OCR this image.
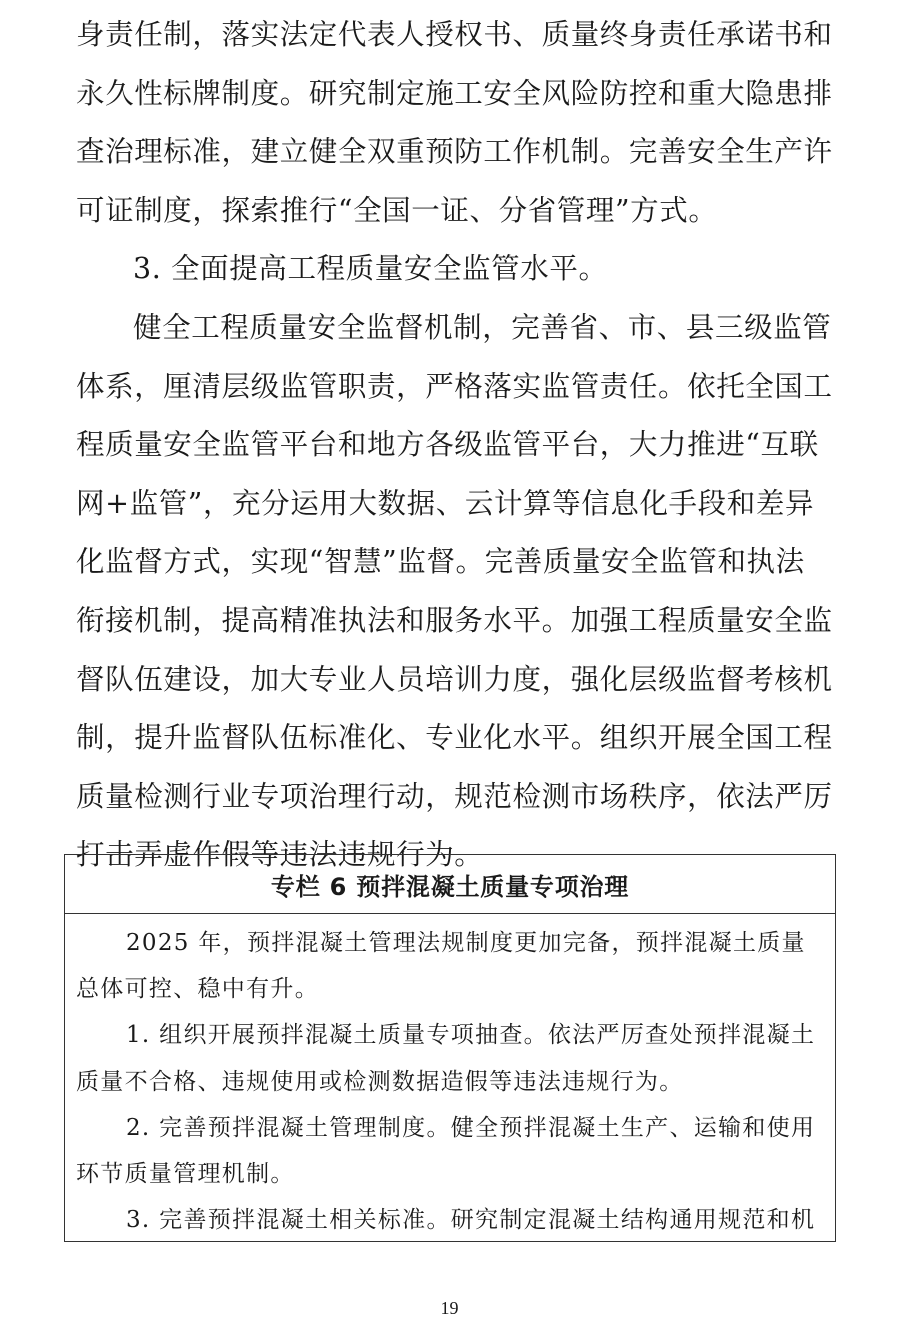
身责任制，落实法定代表人授权书、质量终身责任承诺书和
永久性标牌制度。研究制定施工安全风险防控和重大隐患排
查治理标准，建立健全双重预防工作机制。完善安全生产许
可证制度，探索推行“全国一证、分省管理”方式。
3. 全面提高工程质量安全监管水平。
健全工程质量安全监督机制，完善省、市、县三级监管
体系，厘清层级监管职责，严格落实监管责任。依托全国工
程质量安全监管平台和地方各级监管平台，大力推进“互联
网+监管”，充分运用大数据、云计算等信息化手段和差异
化监督方式，实现“智慧”监督。完善质量安全监管和执法
衔接机制，提高精准执法和服务水平。加强工程质量安全监
督队伍建设，加大专业人员培训力度，强化层级监督考核机
制，提升监督队伍标准化、专业化水平。组织开展全国工程
质量检测行业专项治理行动，规范检测市场秩序，依法严厉
打击弄虚作假等违法违规行为。
专栏 6 预拌混凝土质量专项治理
2025 年，预拌混凝土管理法规制度更加完备，预拌混凝土质量
总体可控、稳中有升。
1. 组织开展预拌混凝土质量专项抽查。依法严厉查处预拌混凝土
质量不合格、违规使用或检测数据造假等违法违规行为。
2. 完善预拌混凝土管理制度。健全预拌混凝土生产、运输和使用
环节质量管理机制。
3. 完善预拌混凝土相关标准。研究制定混凝土结构通用规范和机
19
